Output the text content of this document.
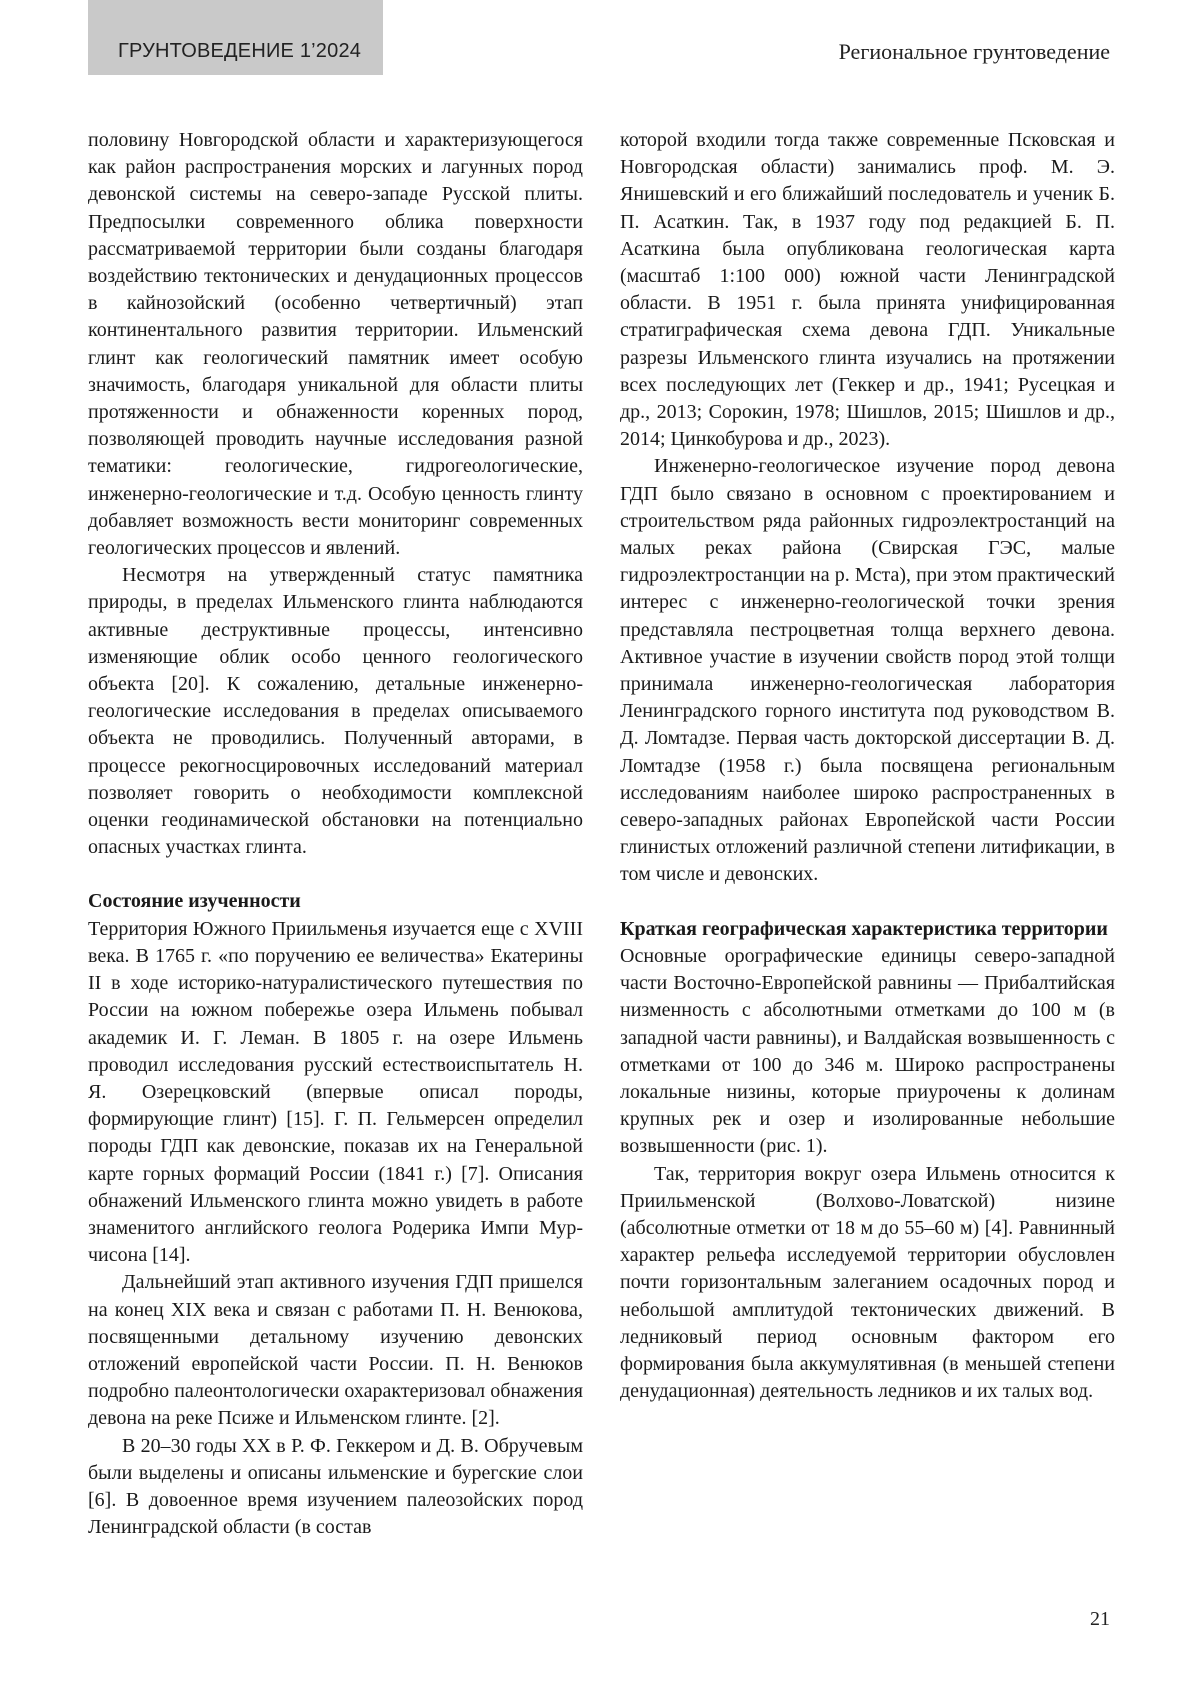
ГРУНТОВЕДЕНИЕ 1’2024	Региональное грунтоведение

половину Новгородской области и характеризующегося как район распространения морских и лагунных пород девонской системы на северо-западе Русской плиты. Предпосылки современного облика поверхности рассматриваемой территории были созданы благодаря воздействию тектонических и денудационных процессов в кайнозойский (особенно четвертичный) этап континентального развития территории. Ильменский глинт как геологический памятник имеет особую значимость, благодаря уникальной для области плиты протяженности и обнаженности коренных пород, позволяющей проводить научные исследования разной тематики: геологические, гидрогеологические, инженерно-геологические и т.д. Особую ценность глинту добавляет возможность вести мониторинг современных геологических процессов и явлений.

Несмотря на утвержденный статус памятника природы, в пределах Ильменского глинта наблюдаются активные деструктивные процессы, интенсивно изменяющие облик особо ценного геологического объекта [20]. К сожалению, детальные инженерно-геологические исследования в пределах описываемого объекта не проводились. Полученный авторами, в процессе рекогносцировочных исследований материал позволяет говорить о необходимости комплексной оценки геодинамической обстановки на потенциально опасных участках глинта.

Состояние изученности

Территория Южного Приильменья изучается еще с XVIII века. В 1765 г. «по поручению ее величества» Екатерины II в ходе историко-натуралистического путешествия по России на южном побережье озера Ильмень побывал академик И. Г. Леман. В 1805 г. на озере Ильмень проводил исследования русский естествоиспытатель Н. Я. Озерецковский (впервые описал породы, формирующие глинт) [15]. Г. П. Гельмерсен определил породы ГДП как девонские, показав их на Генеральной карте горных формаций России (1841 г.) [7]. Описания обнажений Ильменского глинта можно увидеть в работе знаменитого английского геолога Родерика Импи Мурчисона [14].

Дальнейший этап активного изучения ГДП пришелся на конец XIX века и связан с работами П. Н. Венюкова, посвященными детальному изучению девонских отложений европейской части России. П. Н. Венюков подробно палеонтологически охарактеризовал обнажения девона на реке Псиже и Ильменском глинте. [2].

В 20–30 годы XX в Р. Ф. Геккером и Д. В. Обручевым были выделены и описаны ильменские и бурегские слои [6]. В довоенное время изучением палеозойских пород Ленинградской области (в состав

которой входили тогда также современные Псковская и Новгородская области) занимались проф. М. Э. Янишевский и его ближайший последователь и ученик Б. П. Асаткин. Так, в 1937 году под редакцией Б. П. Асаткина была опубликована геологическая карта (масштаб 1:100 000) южной части Ленинградской области. В 1951 г. была принята унифицированная стратиграфическая схема девона ГДП. Уникальные разрезы Ильменского глинта изучались на протяжении всех последующих лет (Геккер и др., 1941; Русецкая и др., 2013; Сорокин, 1978; Шишлов, 2015; Шишлов и др., 2014; Цинкобурова и др., 2023).

Инженерно-геологическое изучение пород девона ГДП было связано в основном с проектированием и строительством ряда районных гидроэлектростанций на малых реках района (Свирская ГЭС, малые гидроэлектростанции на р. Мста), при этом практический интерес с инженерно-геологической точки зрения представляла пестроцветная толща верхнего девона. Активное участие в изучении свойств пород этой толщи принимала инженерно-геологическая лаборатория Ленинградского горного института под руководством В. Д. Ломтадзе. Первая часть докторской диссертации В. Д. Ломтадзе (1958 г.) была посвящена региональным исследованиям наиболее широко распространенных в северо-западных районах Европейской части России глинистых отложений различной степени литификации, в том числе и девонских.

Краткая географическая характеристика территории

Основные орографические единицы северо-западной части Восточно-Европейской равнины — Прибалтийская низменность с абсолютными отметками до 100 м (в западной части равнины), и Валдайская возвышенность с отметками от 100 до 346 м. Широко распространены локальные низины, которые приурочены к долинам крупных рек и озер и изолированные небольшие возвышенности (рис. 1).

Так, территория вокруг озера Ильмень относится к Приильменской (Волхово-Ловатской) низине (абсолютные отметки от 18 м до 55–60 м) [4]. Равнинный характер рельефа исследуемой территории обусловлен почти горизонтальным залеганием осадочных пород и небольшой амплитудой тектонических движений. В ледниковый период основным фактором его формирования была аккумулятивная (в меньшей степени денудационная) деятельность ледников и их талых вод.

21
